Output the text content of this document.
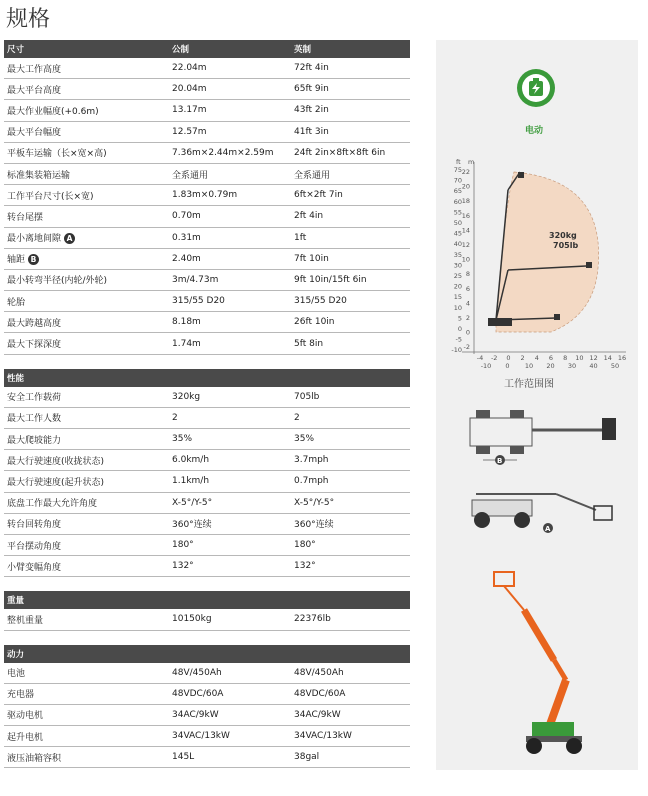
规格
尺寸	公制	英制
最大工作高度	22.04m	72ft 4in
最大平台高度	20.04m	65ft 9in
最大作业幅度(+0.6m)	13.17m	43ft 2in
最大平台幅度	12.57m	41ft 3in
平板车运输（长×宽×高)	7.36m×2.44m×2.59m	24ft 2in×8ft×8ft 6in
标准集装箱运输	全系通用	全系通用
工作平台尺寸(长×宽)	1.83m×0.79m	6ft×2ft 7in
转台尾摆	0.70m	2ft 4in
最小离地间隙 A	0.31m	1ft
轴距 B	2.40m	7ft 10in
最小转弯半径(内轮/外轮)	3m/4.73m	9ft 10in/15ft 6in
轮胎	315/55 D20	315/55 D20
最大跨越高度	8.18m	26ft 10in
最大下探深度	1.74m	5ft 8in
性能
安全工作载荷	320kg	705lb
最大工作人数	2	2
最大爬坡能力	35%	35%
最大行驶速度(收拢状态)	6.0km/h	3.7mph
最大行驶速度(起升状态)	1.1km/h	0.7mph
底盘工作最大允许角度	X-5°/Y-5°	X-5°/Y-5°
转台回转角度	360°连续	360°连续
平台摆动角度	180°	180°
小臂变幅角度	132°	132°
重量
整机重量	10150kg	22376lb
动力
电池	48V/450Ah	48V/450Ah
充电器	48VDC/60A	48VDC/60A
驱动电机	34AC/9kW	34AC/9kW
起升电机	34VAC/13kW	34VAC/13kW
液压油箱容积	145L	38gal
电动
ft m
75
70
65
60
55
50
45
40
35
30
25
20
15
10
5
0
-5
-10
22
20
18
16
14
12
10
8
6
4
2
0
-2
-4 -2 0 2 4 6 8 10 12 14 16
-10 0 10 20 30 40 50
320kg
705lb
工作范围图
B
A
